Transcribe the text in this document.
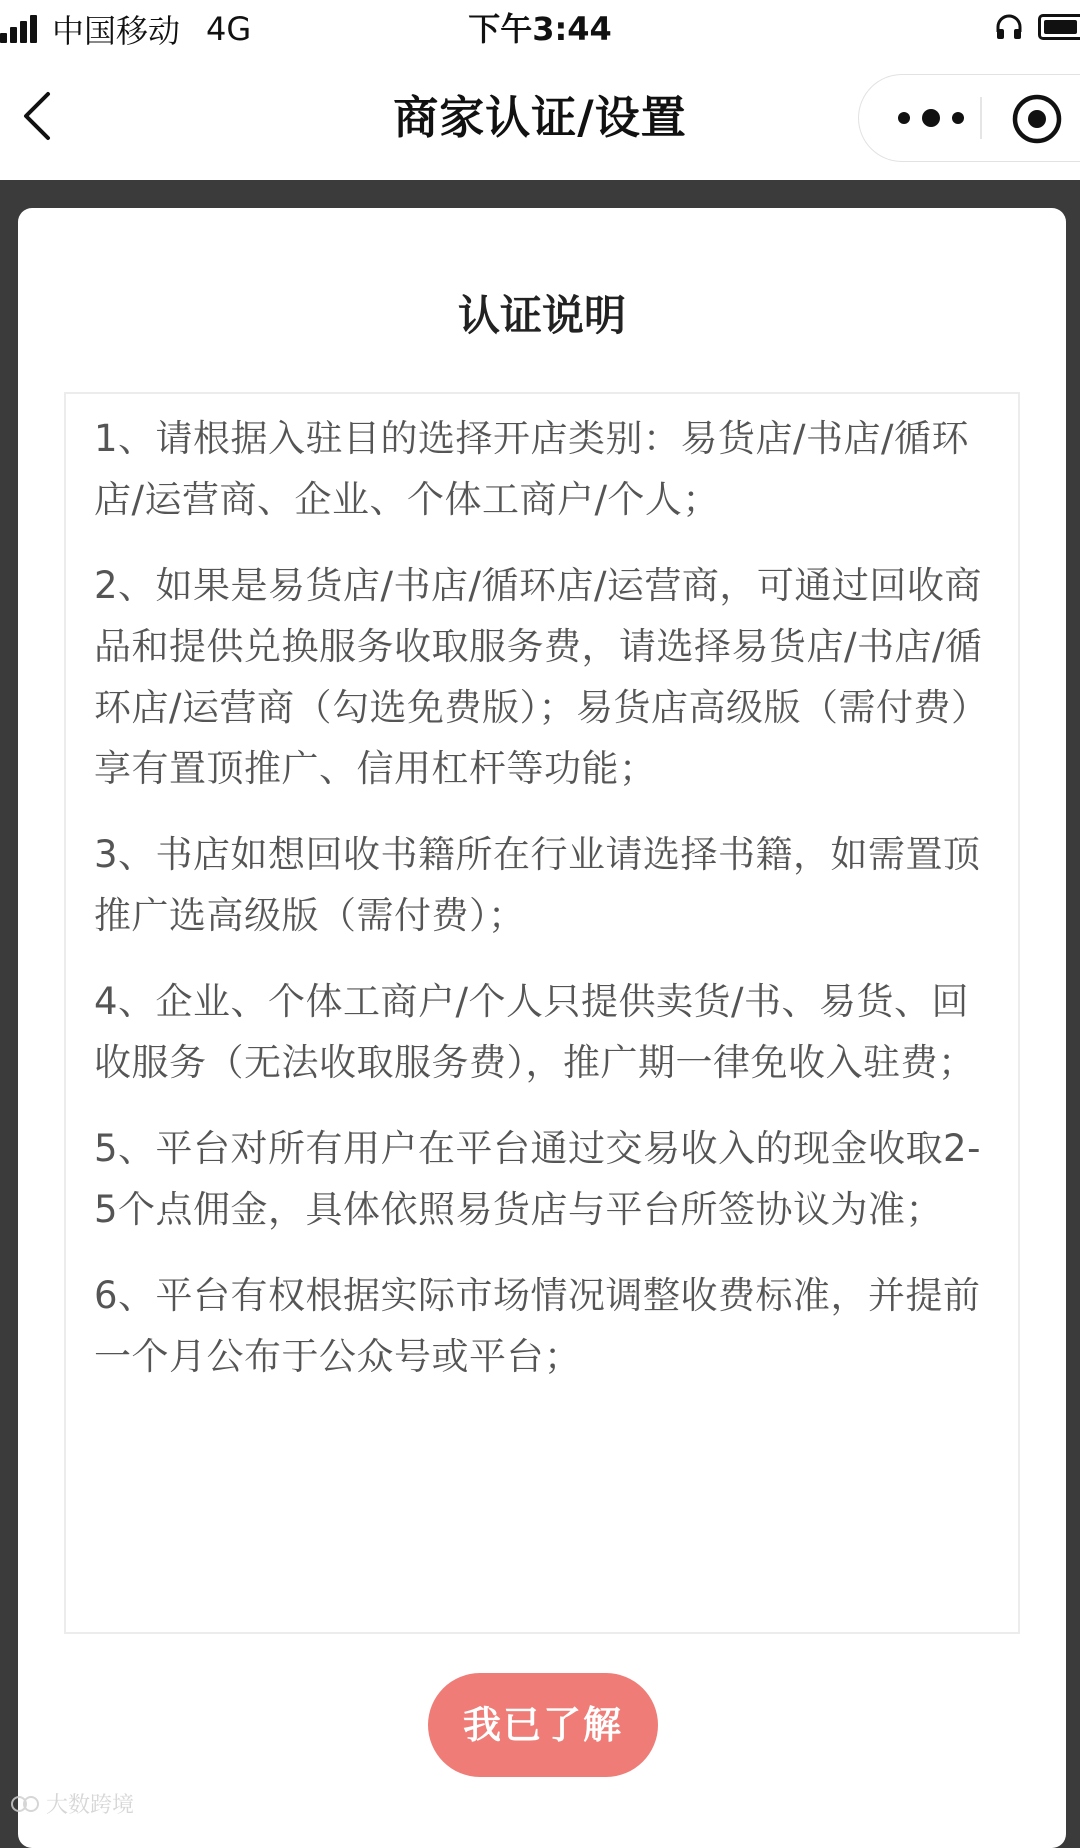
中国移动 4G	下午3:44
商家认证/设置
认证说明

1、请根据入驻目的选择开店类别：易货店/书店/循环店/运营商、企业、个体工商户/个人；

2、如果是易货店/书店/循环店/运营商，可通过回收商品和提供兑换服务收取服务费，请选择易货店/书店/循环店/运营商（勾选免费版）；易货店高级版（需付费）享有置顶推广、信用杠杆等功能；

3、书店如想回收书籍所在行业请选择书籍，如需置顶推广选高级版（需付费）；

4、企业、个体工商户/个人只提供卖货/书、易货、回收服务（无法收取服务费），推广期一律免收入驻费；

5、平台对所有用户在平台通过交易收入的现金收取2-5个点佣金，具体依照易货店与平台所签协议为准；

6、平台有权根据实际市场情况调整收费标准，并提前一个月公布于公众号或平台；

我已了解
大数跨境
